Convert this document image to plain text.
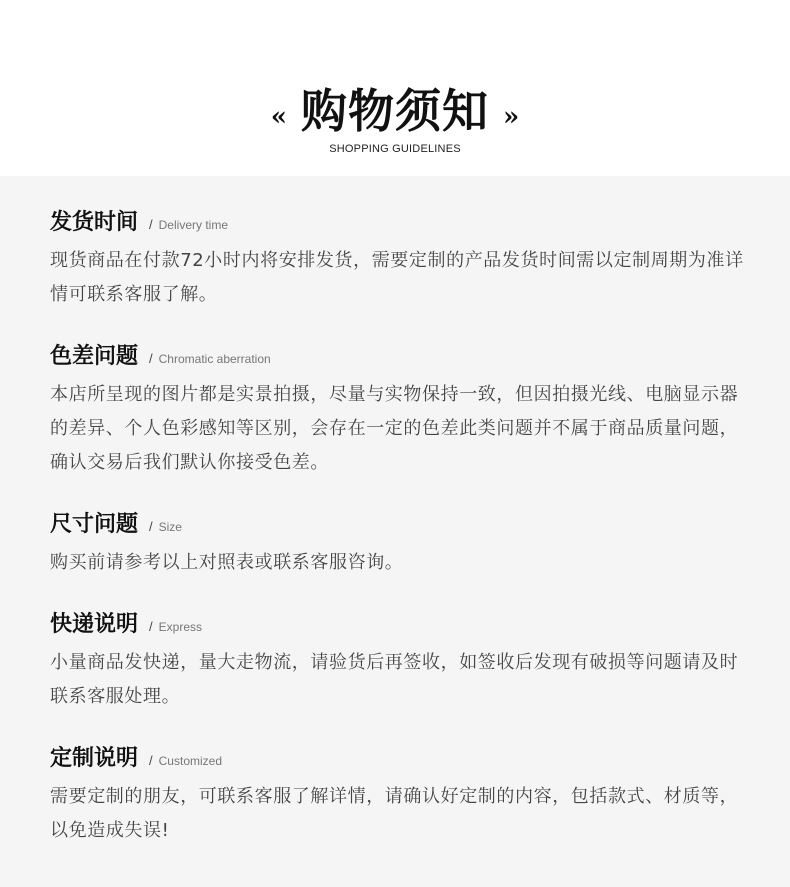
« 购物须知 »
SHOPPING GUIDELINES
发货时间 / Delivery time
现货商品在付款72小时内将安排发货，需要定制的产品发货时间需以定制周期为准详情可联系客服了解。
色差问题 / Chromatic aberration
本店所呈现的图片都是实景拍摄，尽量与实物保持一致，但因拍摄光线、电脑显示器的差异、个人色彩感知等区别，会存在一定的色差此类问题并不属于商品质量问题，确认交易后我们默认你接受色差。
尺寸问题 / Size
购买前请参考以上对照表或联系客服咨询。
快递说明 / Express
小量商品发快递，量大走物流，请验货后再签收，如签收后发现有破损等问题请及时联系客服处理。
定制说明 / Customized
需要定制的朋友，可联系客服了解详情，请确认好定制的内容，包括款式、材质等，以免造成失误!
